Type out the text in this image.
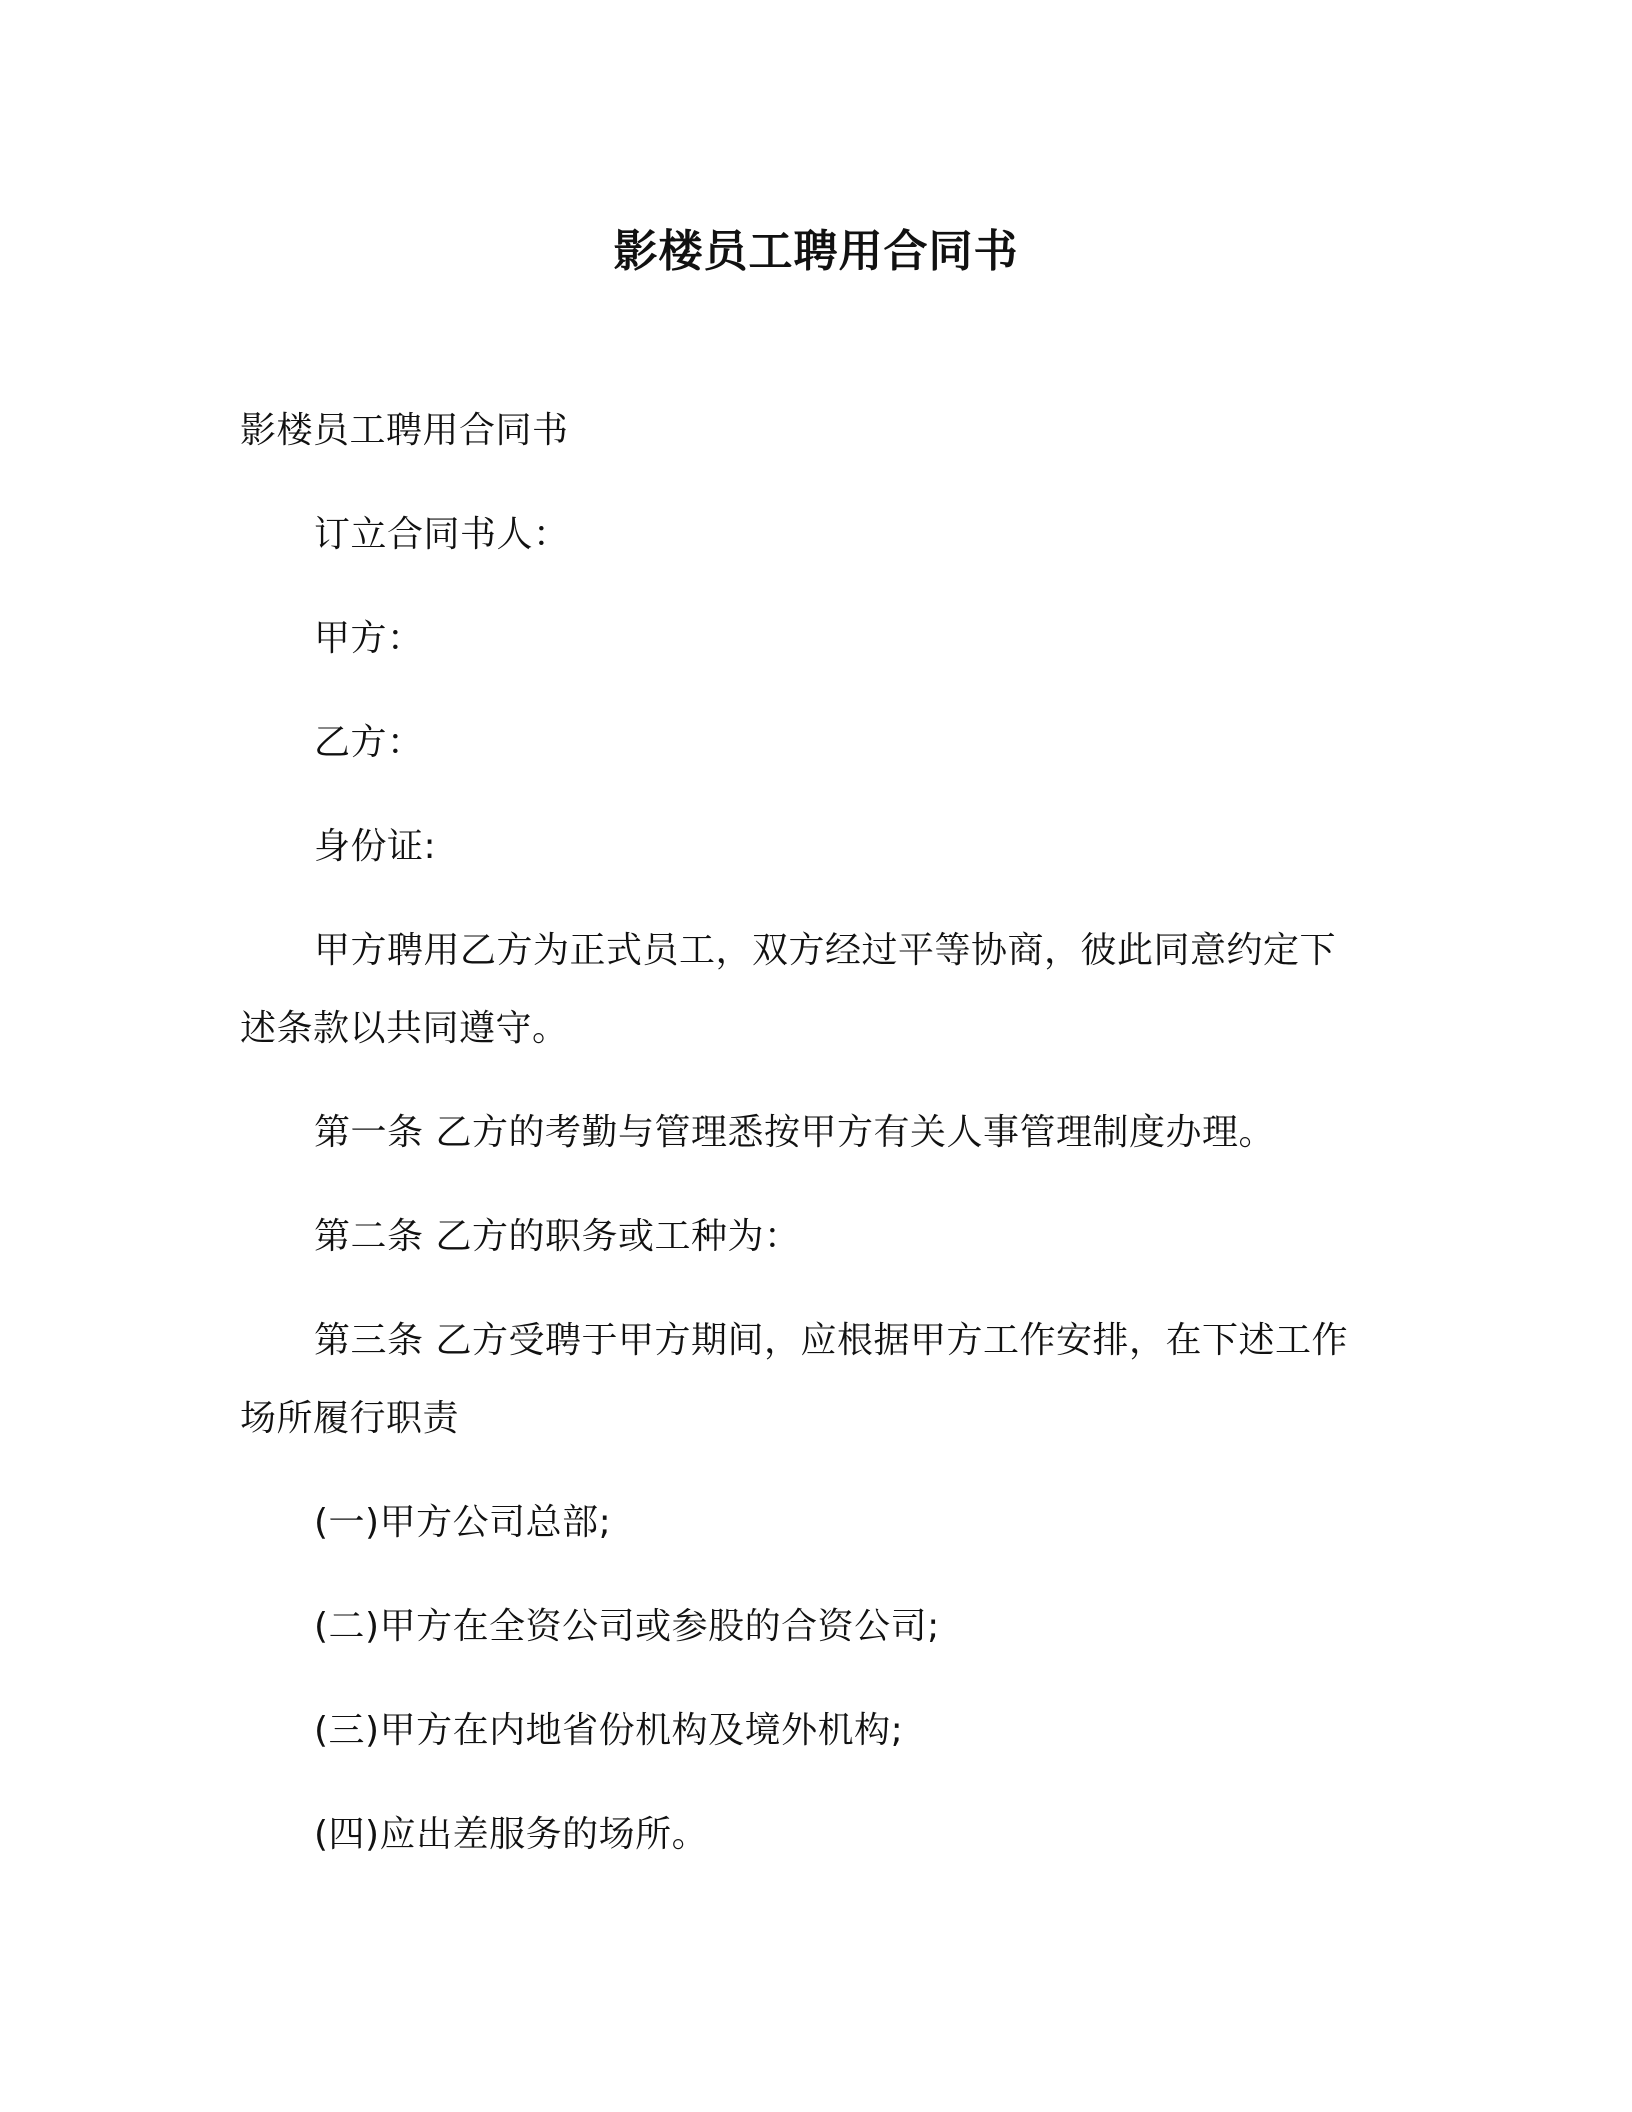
影楼员工聘用合同书

影楼员工聘用合同书

订立合同书人：

甲方：

乙方：

身份证:

甲方聘用乙方为正式员工，双方经过平等协商，彼此同意约定下述条款以共同遵守。

第一条 乙方的考勤与管理悉按甲方有关人事管理制度办理。

第二条 乙方的职务或工种为：

第三条 乙方受聘于甲方期间，应根据甲方工作安排，在下述工作场所履行职责

(一)甲方公司总部;

(二)甲方在全资公司或参股的合资公司;

(三)甲方在内地省份机构及境外机构;

(四)应出差服务的场所。
